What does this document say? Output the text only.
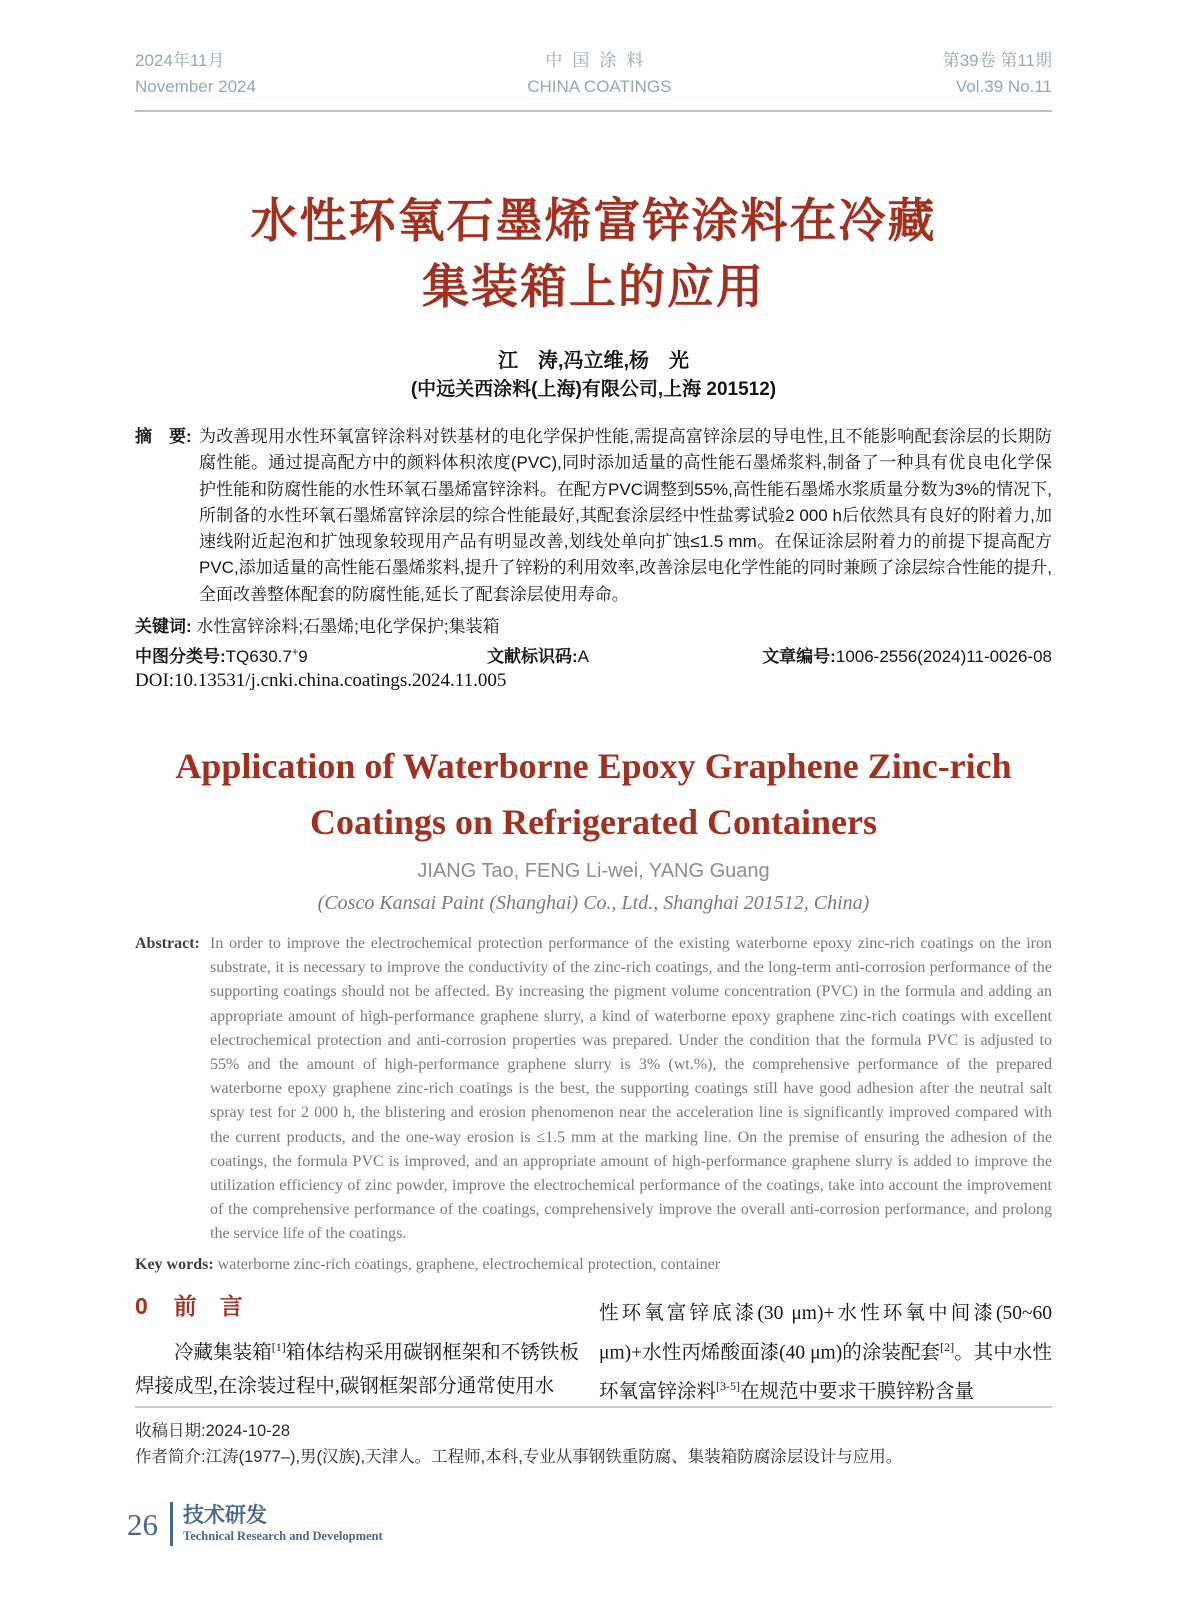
2024年11月
November 2024
中国涂料
CHINA COATINGS
第39卷 第11期
Vol.39 No.11
水性环氧石墨烯富锌涂料在冷藏
集装箱上的应用
江　涛,冯立维,杨　光
(中远关西涂料(上海)有限公司,上海 201512)
摘　要: 为改善现用水性环氧富锌涂料对铁基材的电化学保护性能,需提高富锌涂层的导电性,且不能影响配套涂层的长期防腐性能。通过提高配方中的颜料体积浓度(PVC),同时添加适量的高性能石墨烯浆料,制备了一种具有优良电化学保护性能和防腐性能的水性环氧石墨烯富锌涂料。在配方PVC调整到55%,高性能石墨烯水浆质量分数为3%的情况下,所制备的水性环氧石墨烯富锌涂层的综合性能最好,其配套涂层经中性盐雾试验2 000 h后依然具有良好的附着力,加速线附近起泡和扩蚀现象较现用产品有明显改善,划线处单向扩蚀≤1.5 mm。在保证涂层附着力的前提下提高配方PVC,添加适量的高性能石墨烯浆料,提升了锌粉的利用效率,改善涂层电化学性能的同时兼顾了涂层综合性能的提升,全面改善整体配套的防腐性能,延长了配套涂层使用寿命。
关键词: 水性富锌涂料;石墨烯;电化学保护;集装箱
中图分类号:TQ630.7+9	文献标识码:A	文章编号:1006-2556(2024)11-0026-08
DOI:10.13531/j.cnki.china.coatings.2024.11.005
Application of Waterborne Epoxy Graphene Zinc-rich
Coatings on Refrigerated Containers
JIANG Tao, FENG Li-wei, YANG Guang
(Cosco Kansai Paint (Shanghai) Co., Ltd., Shanghai 201512, China)
Abstract: In order to improve the electrochemical protection performance of the existing waterborne epoxy zinc-rich coatings on the iron substrate, it is necessary to improve the conductivity of the zinc-rich coatings, and the long-term anti-corrosion performance of the supporting coatings should not be affected. By increasing the pigment volume concentration (PVC) in the formula and adding an appropriate amount of high-performance graphene slurry, a kind of waterborne epoxy graphene zinc-rich coatings with excellent electrochemical protection and anti-corrosion properties was prepared. Under the condition that the formula PVC is adjusted to 55% and the amount of high-performance graphene slurry is 3% (wt.%), the comprehensive performance of the prepared waterborne epoxy graphene zinc-rich coatings is the best, the supporting coatings still have good adhesion after the neutral salt spray test for 2 000 h, the blistering and erosion phenomenon near the acceleration line is significantly improved compared with the current products, and the one-way erosion is ≤1.5 mm at the marking line. On the premise of ensuring the adhesion of the coatings, the formula PVC is improved, and an appropriate amount of high-performance graphene slurry is added to improve the utilization efficiency of zinc powder, improve the electrochemical performance of the coatings, take into account the improvement of the comprehensive performance of the coatings, comprehensively improve the overall anti-corrosion performance, and prolong the service life of the coatings.
Key words: waterborne zinc-rich coatings, graphene, electrochemical protection, container
0 前　言

冷藏集装箱[1]箱体结构采用碳钢框架和不锈铁板焊接成型,在涂装过程中,碳钢框架部分通常使用水

性环氧富锌底漆(30 μm)+水性环氧中间漆(50~60 μm)+水性丙烯酸面漆(40 μm)的涂装配套[2]。其中水性环氧富锌涂料[3-5]在规范中要求干膜锌粉含量

收稿日期:2024-10-28
作者简介:江涛(1977–),男(汉族),天津人。工程师,本科,专业从事钢铁重防腐、集装箱防腐涂层设计与应用。
26 技术研发
Technical Research and Development
